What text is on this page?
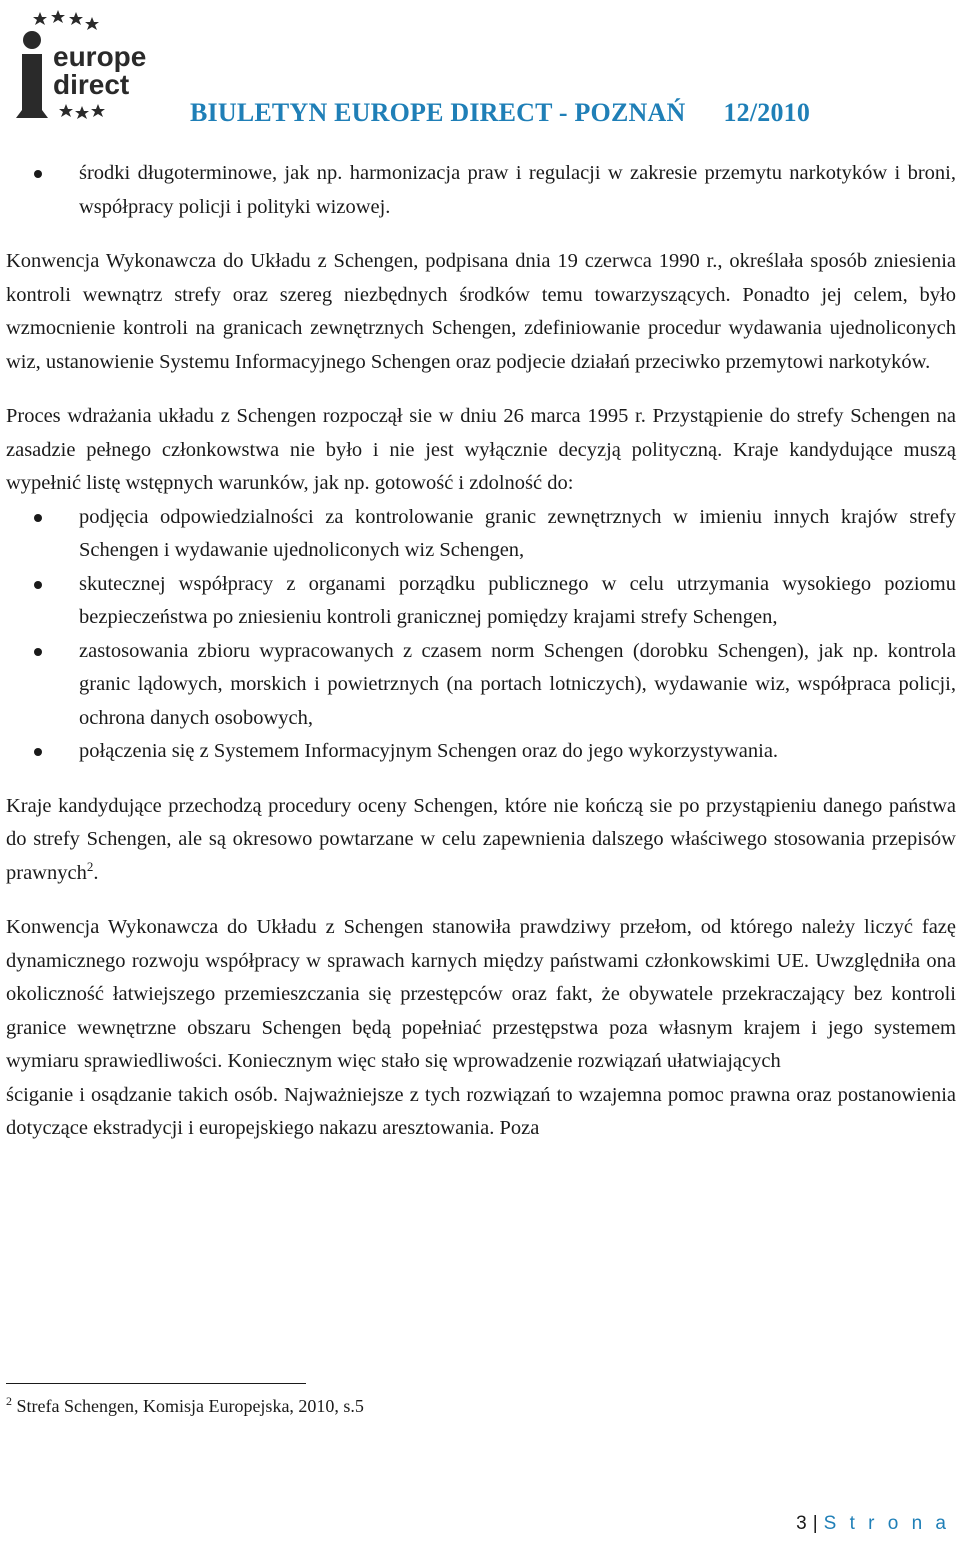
europe
direct
BIULETYN EUROPE DIRECT - POZNAŃ 12/2010
środki długoterminowe, jak np. harmonizacja praw i regulacji w zakresie przemytu narkotyków i broni, współpracy policji i polityki wizowej.

Konwencja Wykonawcza do Układu z Schengen, podpisana dnia 19 czerwca 1990 r., określała sposób zniesienia kontroli wewnątrz strefy oraz szereg niezbędnych środków temu towarzyszących. Ponadto jej celem, było wzmocnienie kontroli na granicach zewnętrznych Schengen, zdefiniowanie procedur wydawania ujednoliconych wiz, ustanowienie Systemu Informacyjnego Schengen oraz podjecie działań przeciwko przemytowi narkotyków.

Proces wdrażania układu z Schengen rozpoczął sie w dniu 26 marca 1995 r. Przystąpienie do strefy Schengen na zasadzie pełnego członkowstwa nie było i nie jest wyłącznie decyzją polityczną. Kraje kandydujące muszą wypełnić listę wstępnych warunków, jak np. gotowość i zdolność do:

podjęcia odpowiedzialności za kontrolowanie granic zewnętrznych w imieniu innych krajów strefy Schengen i wydawanie ujednoliconych wiz Schengen,
skutecznej współpracy z organami porządku publicznego w celu utrzymania wysokiego poziomu bezpieczeństwa po zniesieniu kontroli granicznej pomiędzy krajami strefy Schengen,
zastosowania zbioru wypracowanych z czasem norm Schengen (dorobku Schengen), jak np. kontrola granic lądowych, morskich i powietrznych (na portach lotniczych), wydawanie wiz, współpraca policji, ochrona danych osobowych,
połączenia się z Systemem Informacyjnym Schengen oraz do jego wykorzystywania.

Kraje kandydujące przechodzą procedury oceny Schengen, które nie kończą sie po przystąpieniu danego państwa do strefy Schengen, ale są okresowo powtarzane w celu zapewnienia dalszego właściwego stosowania przepisów prawnych$^2$.

Konwencja Wykonawcza do Układu z Schengen stanowiła prawdziwy przełom, od którego należy liczyć fazę dynamicznego rozwoju współpracy w sprawach karnych między państwami członkowskimi UE. Uwzględniła ona okoliczność łatwiejszego przemieszczania się przestępców oraz fakt, że obywatele przekraczający bez kontroli granice wewnętrzne obszaru Schengen będą popełniać przestępstwa poza własnym krajem i jego systemem wymiaru sprawiedliwości. Koniecznym więc stało się wprowadzenie rozwiązań ułatwiających

ściganie i osądzanie takich osób. Najważniejsze z tych rozwiązań to wzajemna pomoc prawna oraz postanowienia dotyczące ekstradycji i europejskiego nakazu aresztowania. Poza

$^2$ Strefa Schengen, Komisja Europejska, 2010, s.5
3 | S t r o n a
